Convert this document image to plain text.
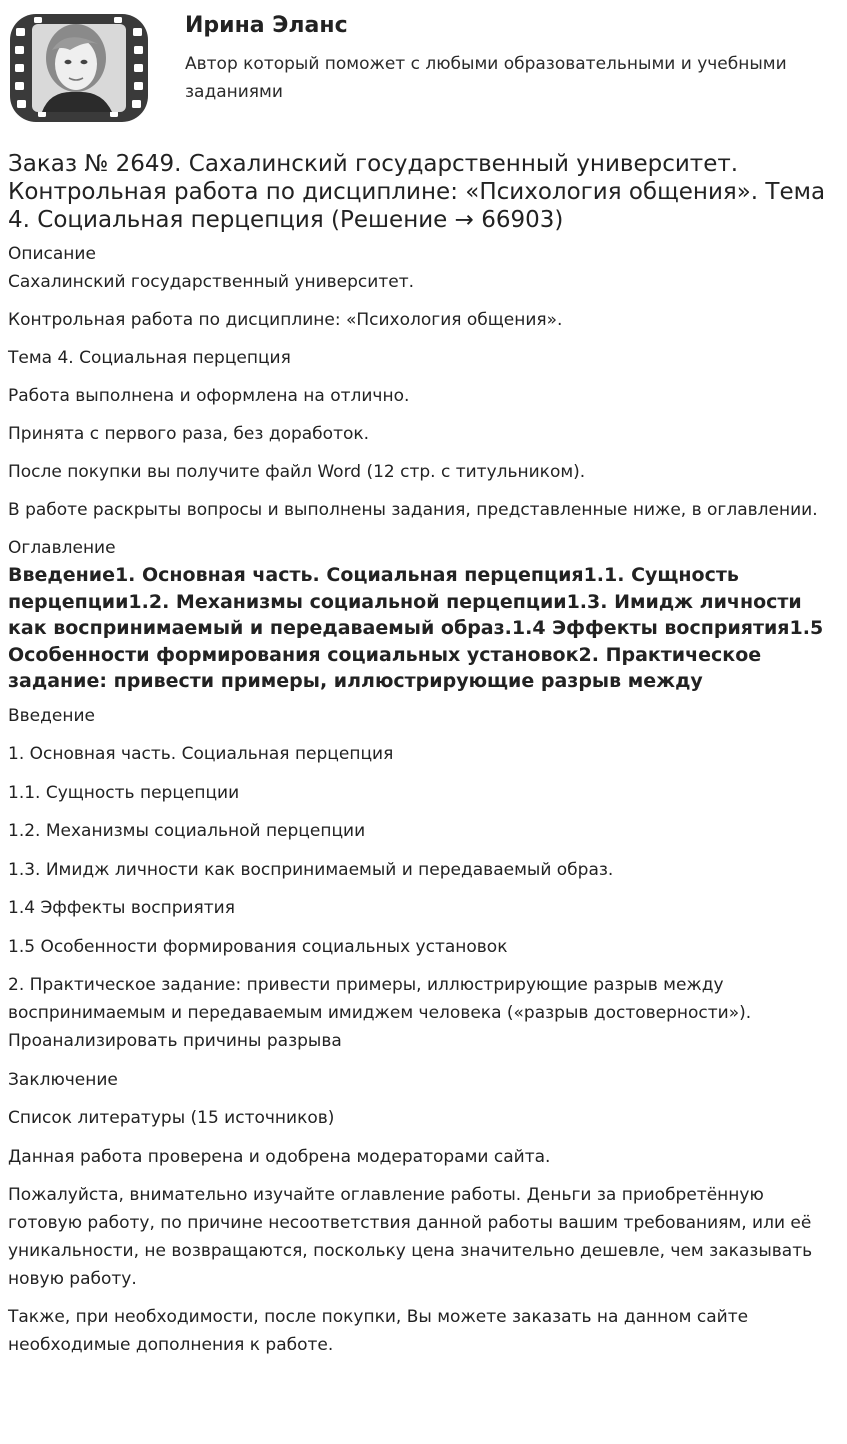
Ирина Эланс
Автор который поможет с любыми образовательными и учебными заданиями
Заказ № 2649. Сахалинский государственный университет. Контрольная работа по дисциплине: «Психология общения». Тема 4. Социальная перцепция (Решение → 66903)
Описание

Сахалинский государственный университет.

Контрольная работа по дисциплине: «Психология общения».

Тема 4. Социальная перцепция

Работа выполнена и оформлена на отлично.

Принята с первого раза, без доработок.

После покупки вы получите файл Word (12 стр. с титульником).

В работе раскрыты вопросы и выполнены задания, представленные ниже, в оглавлении.

Оглавление
Введение1. Основная часть. Социальная перцепция1.1. Сущность перцепции1.2. Механизмы социальной перцепции1.3. Имидж личности как воспринимаемый и передаваемый образ.1.4 Эффекты восприятия1.5 Особенности формирования социальных установок2. Практическое задание: привести примеры, иллюстрирующие разрыв между

Введение

1. Основная часть. Социальная перцепция

1.1. Сущность перцепции

1.2. Механизмы социальной перцепции

1.3. Имидж личности как воспринимаемый и передаваемый образ.

1.4 Эффекты восприятия

1.5 Особенности формирования социальных установок

2. Практическое задание: привести примеры, иллюстрирующие разрыв между воспринимаемым и передаваемым имиджем человека («разрыв достоверности»). Проанализировать причины разрыва

Заключение

Список литературы (15 источников)

Данная работа проверена и одобрена модераторами сайта.

Пожалуйста, внимательно изучайте оглавление работы. Деньги за приобретённую готовую работу, по причине несоответствия данной работы вашим требованиям, или её уникальности, не возвращаются, поскольку цена значительно дешевле, чем заказывать новую работу.

Также, при необходимости, после покупки, Вы можете заказать на данном сайте необходимые дополнения к работе.
